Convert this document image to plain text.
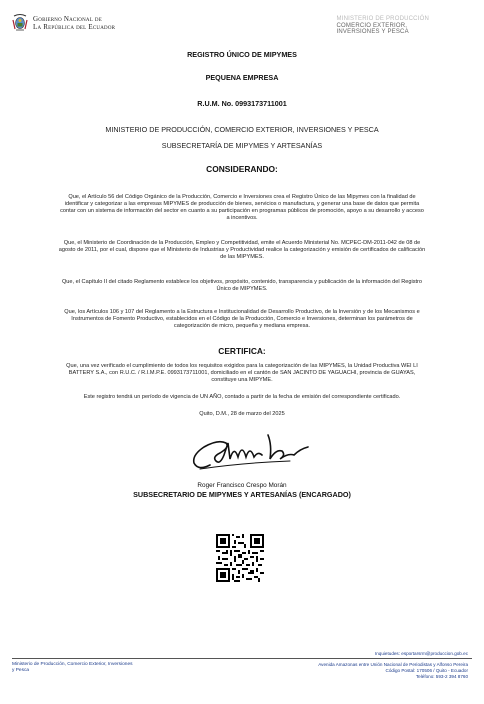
Gobierno Nacional de
La República del Ecuador
MINISTERIO DE PRODUCCIÓN
COMERCIO EXTERIOR,
INVERSIONES Y PESCA
REGISTRO ÚNICO DE MIPYMES
PEQUENA EMPRESA
R.U.M. No. 0993173711001
MINISTERIO DE PRODUCCIÓN, COMERCIO EXTERIOR, INVERSIONES Y PESCA
SUBSECRETARÍA DE MIPYMES Y ARTESANÍAS
CONSIDERANDO:
Que, el Artículo 56 del Código Orgánico de la Producción, Comercio e Inversiones crea el Registro Único de las Mipymes con la finalidad de identificar y categorizar a las empresas MIPYMES de producción de bienes, servicios o manufactura, y generar una base de datos que permita contar con un sistema de información del sector en cuanto a su participación en programas públicos de promoción, apoyo a su desarrollo y acceso a incentivos.
Que, el Ministerio de Coordinación de la Producción, Empleo y Competitividad, emite el Acuerdo Ministerial No. MCPEC-DM-2011-042 de 08 de agosto de 2011, por el cual, dispone que el Ministerio de Industrias y Productividad realice la categorización y emisión de certificados de calificación de las MIPYMES.
Que, el Capítulo II del citado Reglamento establece los objetivos, propósito, contenido, transparencia y publicación de la información del Registro Único de MIPYMES.
Que, los Artículos 106 y 107 del Reglamento a la Estructura e Institucionalidad de Desarrollo Productivo, de la Inversión y de los Mecanismos e Instrumentos de Fomento Productivo, establecidos en el Código de la Producción, Comercio e Inversiones, determinan los parámetros de categorización de micro, pequeña y mediana empresa.
CERTIFICA:
Que, una vez verificado el cumplimiento de todos los requisitos exigidos para la categorización de las MIPYMES, la Unidad Productiva WEI LI BATTERY S.A., con R.U.C. / R.I.M.P.E. 0993173711001, domiciliado en el cantón de SAN JACINTO DE YAGUACHI, provincia de GUAYAS, constituye una MIPYME.
Este registro tendrá un período de vigencia de UN AÑO, contado a partir de la fecha de emisión del correspondiente certificado.
Quito, D.M., 28 de marzo del 2025
Roger Francisco Crespo Morán
SUBSECRETARIO DE MIPYMES Y ARTESANÍAS (ENCARGADO)
Inquietudes: esportarsrm@produccion.gob.ec
Ministerio de Producción, Comercio Exterior, Inversiones
y Pesca
Avenida Amazonas entre Unión Nacional de Periodistas y Alfonso Pereira
Código Postal: 170506 / Quito - Ecuador
Teléfono: 593-2 394 8760
